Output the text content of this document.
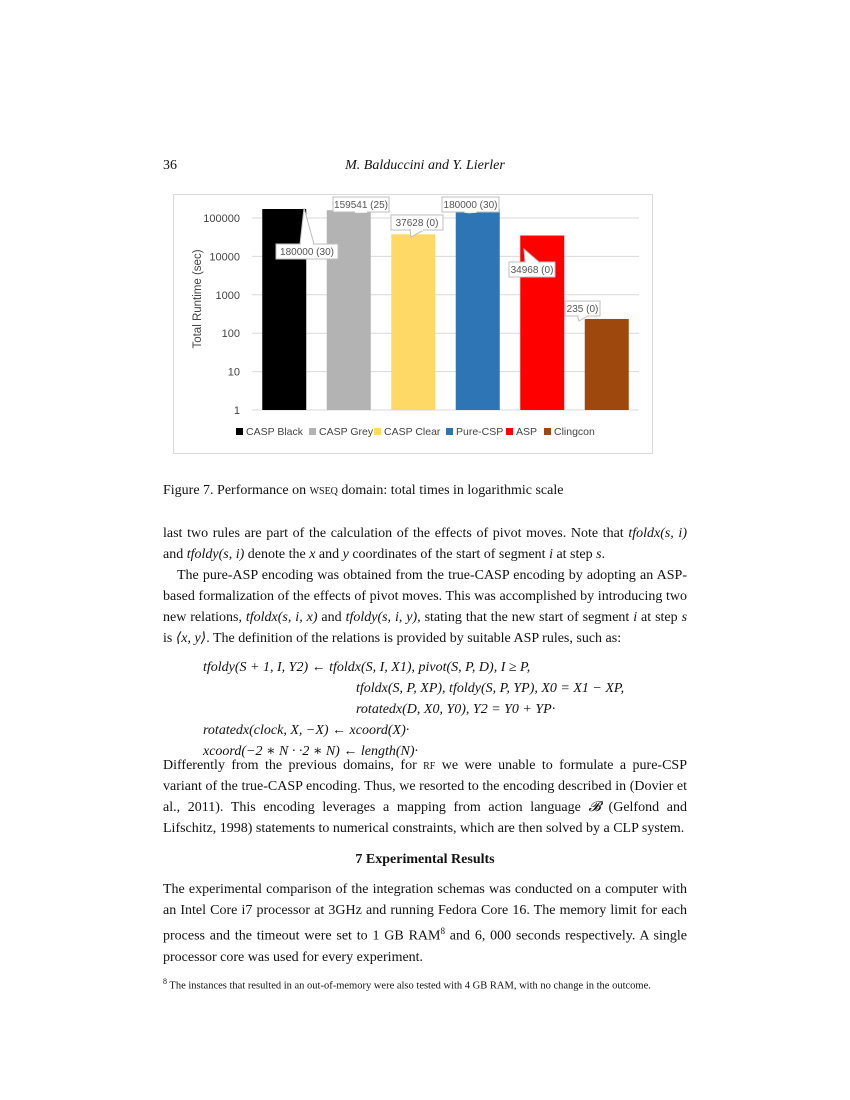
36	M. Balduccini and Y. Lierler
Total Runtime (sec)
1
10
100
1000
10000
100000
180000 (30)
159541 (25)
37628 (0)
180000 (30)
34968 (0)
235 (0)
CASP Black CASP Grey CASP Clear Pure-CSP ASP Clingcon
Figure 7. Performance on wseq domain: total times in logarithmic scale
last two rules are part of the calculation of the effects of pivot moves. Note that tfoldx(s, i) and tfoldy(s, i) denote the x and y coordinates of the start of segment i at step s.
The pure-ASP encoding was obtained from the true-CASP encoding by adopting an ASP-based formalization of the effects of pivot moves. This was accomplished by introducing two new relations, tfoldx(s, i, x) and tfoldy(s, i, y), stating that the new start of segment i at step s is ⟨x, y⟩. The definition of the relations is provided by suitable ASP rules, such as:
tfoldy(S + 1, I, Y2) ← tfoldx(S, I, X1), pivot(S, P, D), I ≥ P,
tfoldx(S, P, XP), tfoldy(S, P, YP), X0 = X1 − XP,
rotatedx(D, X0, Y0), Y2 = Y0 + YP·
rotatedx(clock, X, −X) ← xcoord(X)·
xcoord(−2 ∗ N · ·2 ∗ N) ← length(N)·
Differently from the previous domains, for rf we were unable to formulate a pure-CSP variant of the true-CASP encoding. Thus, we resorted to the encoding described in (Dovier et al., 2011). This encoding leverages a mapping from action language 𝓑 (Gelfond and Lifschitz, 1998) statements to numerical constraints, which are then solved by a CLP system.
7 Experimental Results
The experimental comparison of the integration schemas was conducted on a computer with an Intel Core i7 processor at 3GHz and running Fedora Core 16. The memory limit for each process and the timeout were set to 1 GB RAM$^8$ and 6, 000 seconds respectively. A single processor core was used for every experiment.
$^8$ The instances that resulted in an out-of-memory were also tested with 4 GB RAM, with no change in the outcome.
